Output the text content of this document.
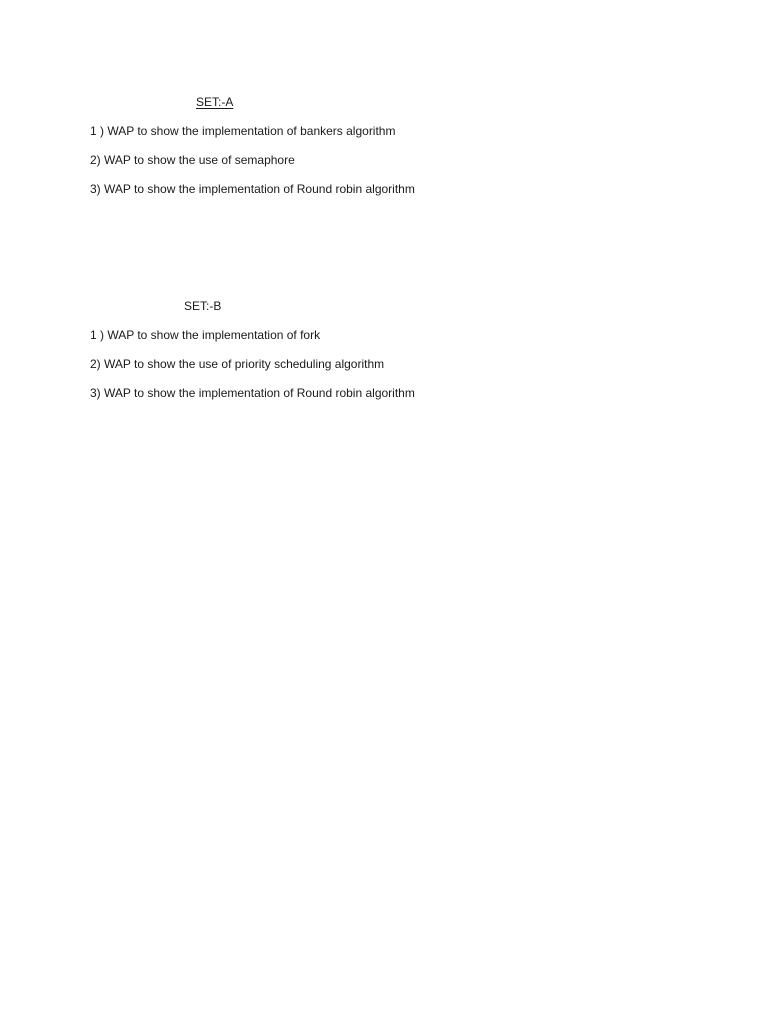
SET:-A
1 ) WAP to show the implementation of bankers algorithm
2) WAP to show the use of semaphore
3) WAP to show the implementation of Round robin algorithm
SET:-B
1 ) WAP to show the implementation of fork
2) WAP to show the use of priority scheduling algorithm
3) WAP to show the implementation of Round robin algorithm
